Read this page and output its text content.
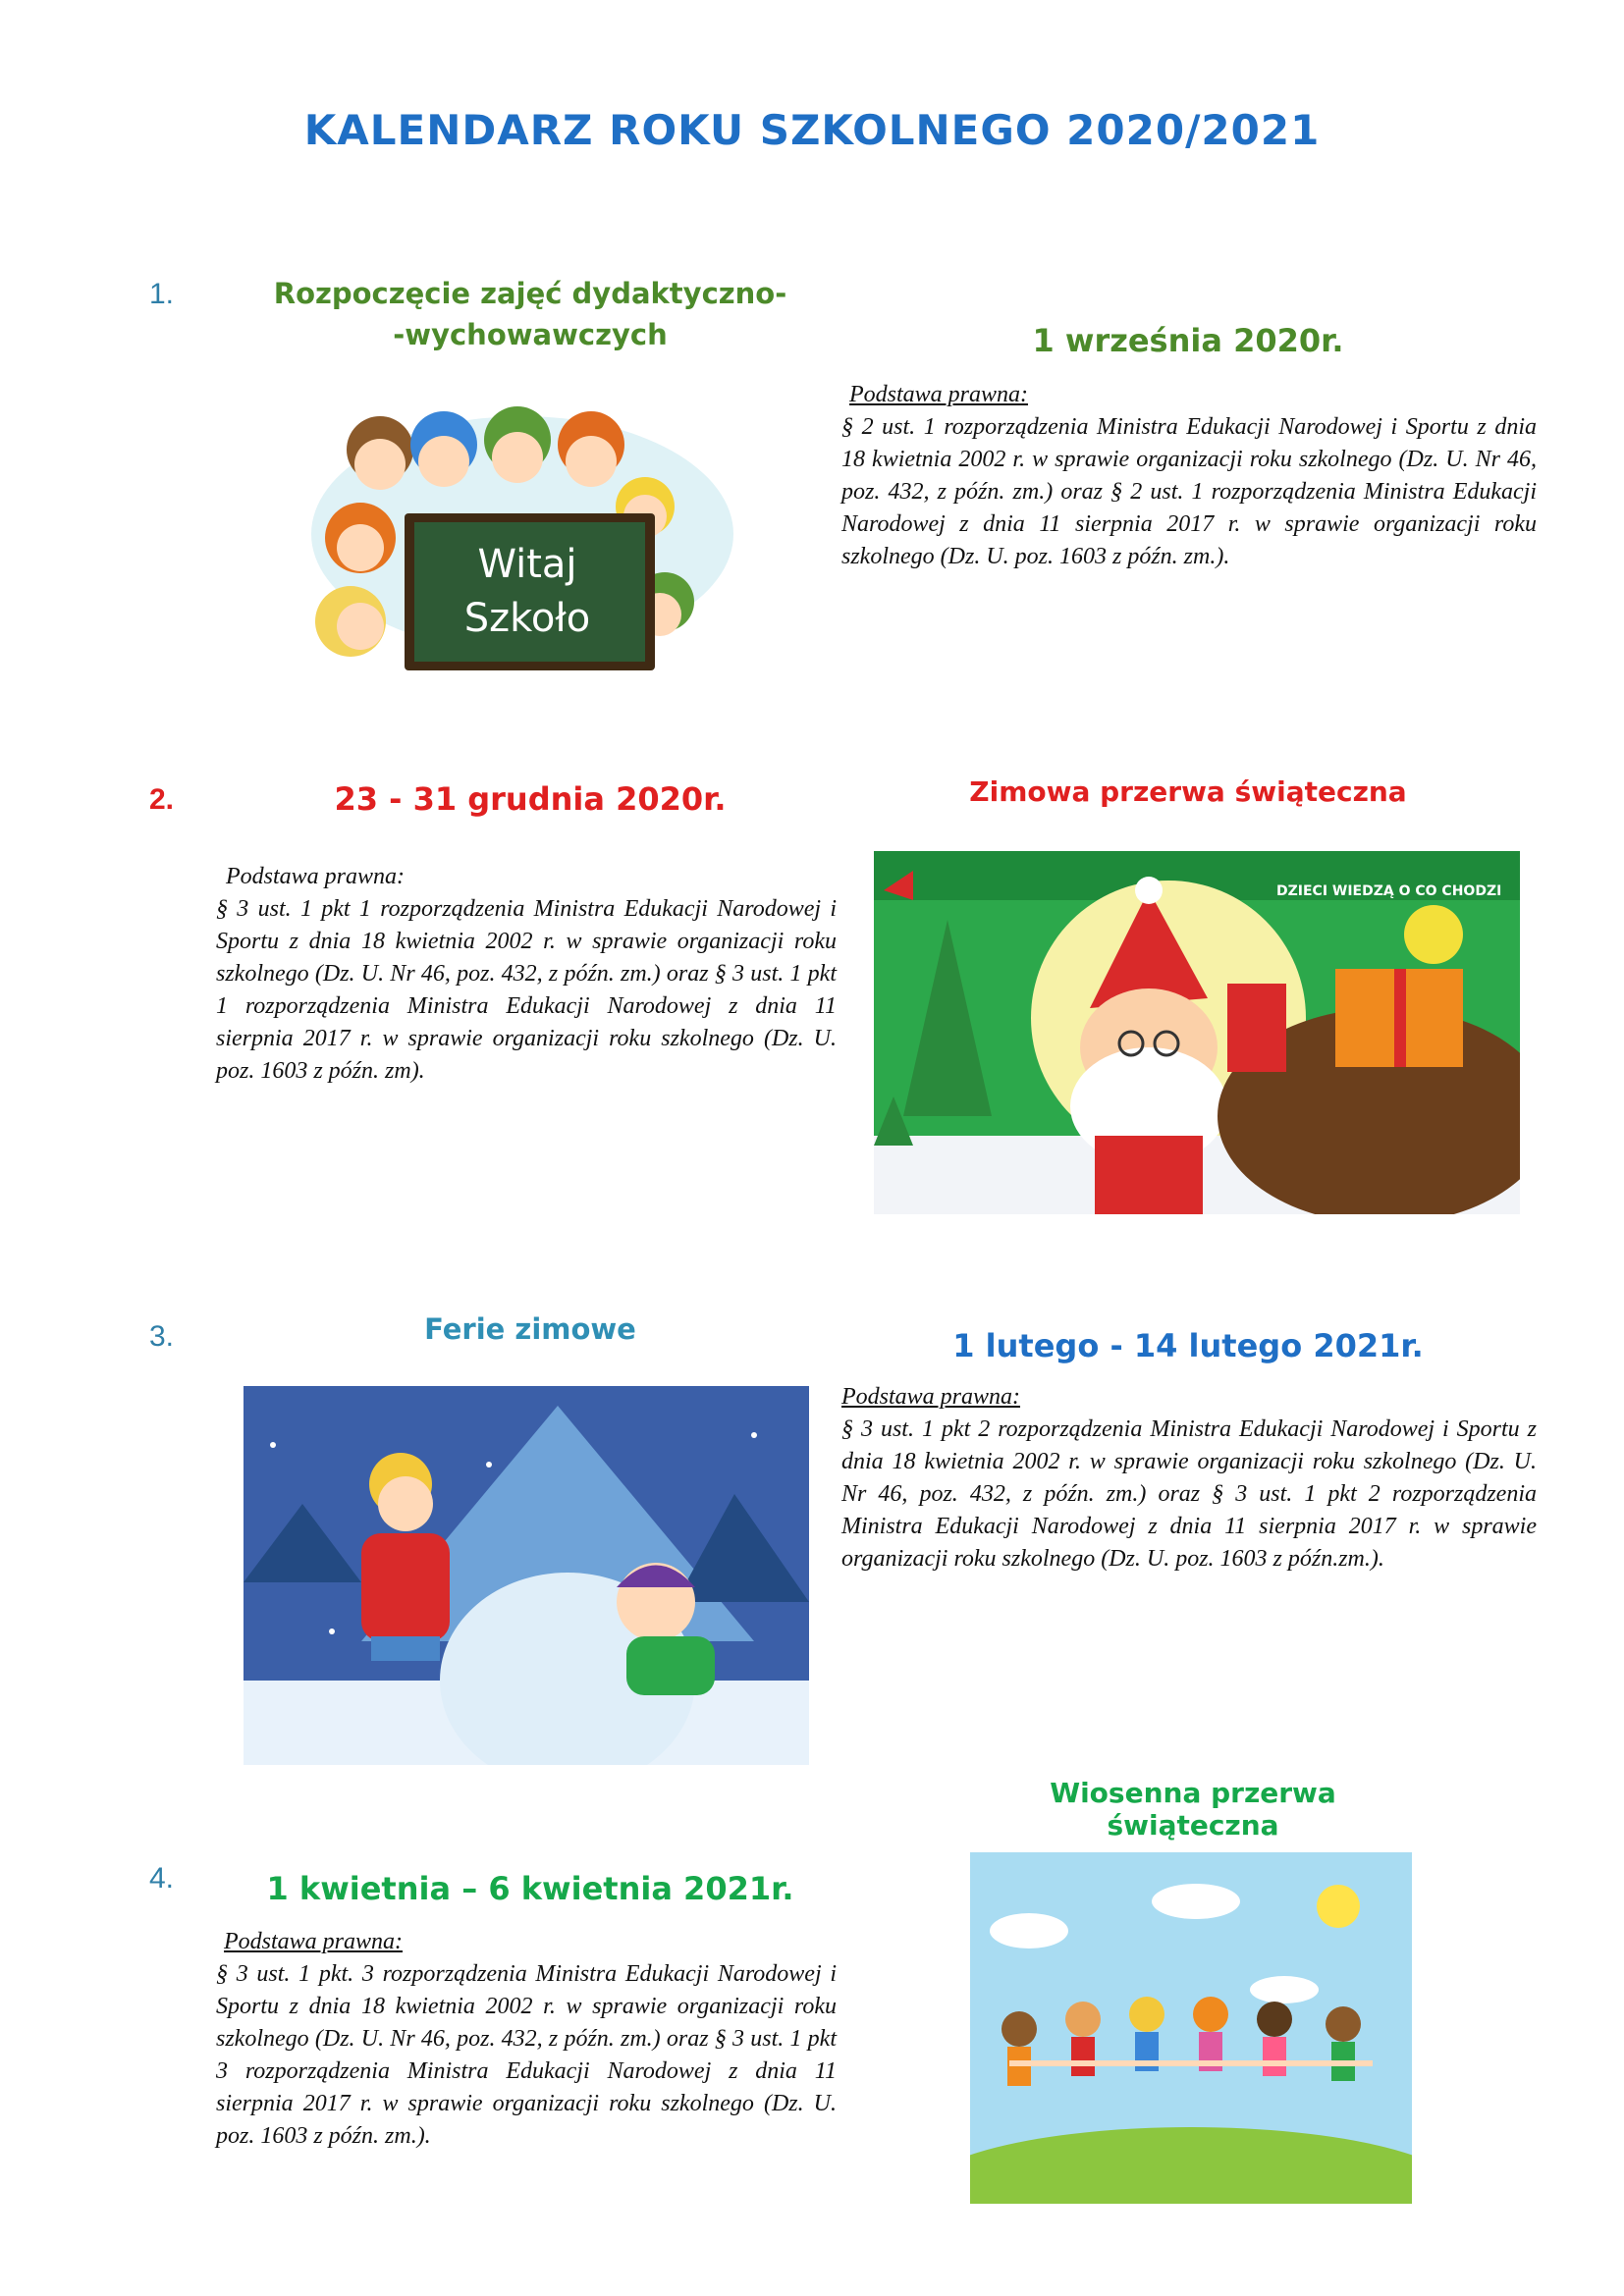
KALENDARZ ROKU SZKOLNEGO 2020/2021
1.	Rozpoczęcie zajęć dydaktyczno-
-wychowawczych	1 września 2020r.
Podstawa prawna:

§ 2 ust. 1 rozporządzenia Ministra Edukacji Narodowej i Sportu z dnia 18 kwietnia 2002 r. w sprawie organizacji roku szkolnego (Dz. U. Nr 46, poz. 432, z późn. zm.) oraz § 2 ust. 1 rozporządzenia Ministra Edukacji Narodowej z dnia 11 sierpnia 2017 r. w sprawie organizacji roku szkolnego (Dz. U. poz. 1603 z późn. zm.).

Witaj
Szkoło
2.	23 - 31 grudnia 2020r.	Zimowa przerwa świąteczna
Podstawa prawna:

§ 3 ust. 1 pkt 1 rozporządzenia Ministra Edukacji Narodowej i Sportu z dnia 18 kwietnia 2002 r. w sprawie organizacji roku szkolnego (Dz. U. Nr 46, poz. 432, z późn. zm.) oraz § 3 ust. 1 pkt 1 rozporządzenia Ministra Edukacji Narodowej z dnia 11 sierpnia 2017 r. w sprawie organizacji roku szkolnego (Dz. U. poz. 1603 z późn. zm).

DZIECI WIEDZĄ O CO CHODZI
3.	Ferie zimowe	1 lutego - 14 lutego 2021r.
Podstawa prawna:

§ 3 ust. 1 pkt 2 rozporządzenia Ministra Edukacji Narodowej i Sportu z dnia 18 kwietnia 2002 r. w sprawie organizacji roku szkolnego (Dz. U. Nr 46, poz. 432, z późn. zm.) oraz § 3 ust. 1 pkt 2 rozporządzenia Ministra Edukacji Narodowej z dnia 11 sierpnia 2017 r. w sprawie organizacji roku szkolnego (Dz. U. poz. 1603 z późn.zm.).

4.
Wiosenna przerwa świąteczna
1 kwietnia – 6 kwietnia 2021r.
Podstawa prawna:

§ 3 ust. 1 pkt. 3 rozporządzenia Ministra Edukacji Narodowej i Sportu z dnia 18 kwietnia 2002 r. w sprawie organizacji roku szkolnego (Dz. U. Nr 46, poz. 432, z późn. zm.) oraz § 3 ust. 1 pkt 3 rozporządzenia Ministra Edukacji Narodowej z dnia 11 sierpnia 2017 r. w sprawie organizacji roku szkolnego (Dz. U. poz. 1603 z późn. zm.).
